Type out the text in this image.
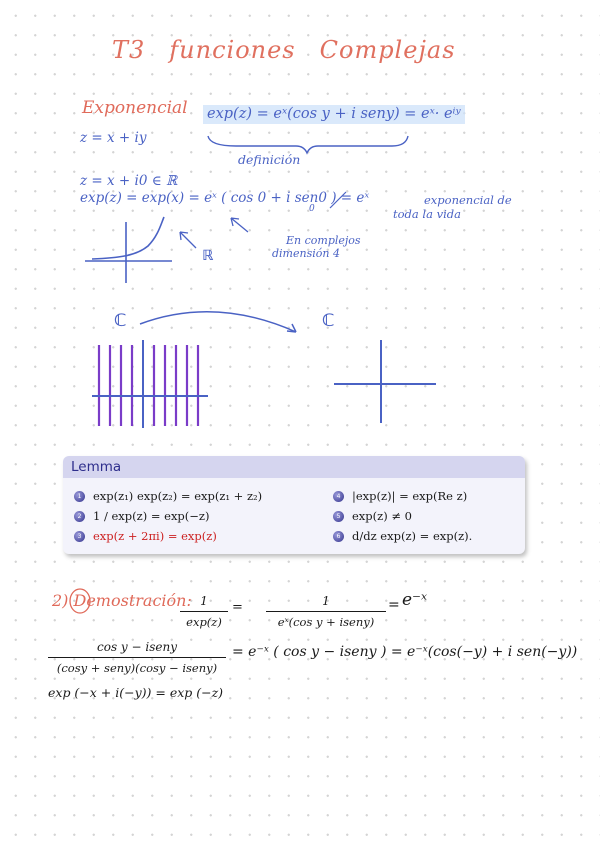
T3 funciones Complejas
Exponencial exp(z) = eˣ(cos y + i seny) = eˣ· eⁱʸ
z = x + iy
definición
z = x + i0 ∈ ℝ
exp(z) = exp(x) = eˣ ( cos 0 + i sen0 ) = eˣ
0
exponencial de
toda la vida
En complejos
dimensión 4
ℝ
ℂ	ℂ
Lemma
1	exp(z₁) exp(z₂) = exp(z₁ + z₂)
2	1 / exp(z) = exp(−z)
3	exp(z + 2πi) = exp(z)
4	|exp(z)| = exp(Re z)
5	exp(z) ≠ 0
6	d/dz exp(z) = exp(z).
2) Demostración: 1
exp(z)
=	1
eˣ(cos y + iseny)
= e⁻ˣ
cos y − iseny
(cosy + seny)(cosy − iseny)
= e⁻ˣ ( cos y − iseny ) = e⁻ˣ(cos(−y) + i sen(−y))
exp (−x + i(−y)) = exp (−z)
